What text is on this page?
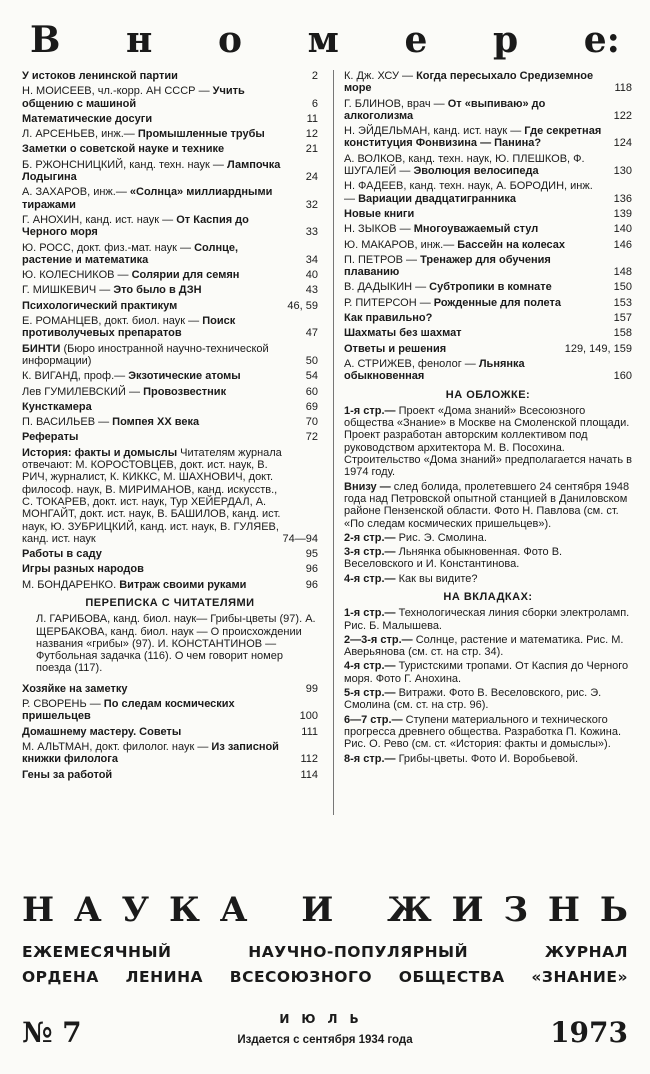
В н о м е р е:
У истоков ленинской партии	2
Н. МОИСЕЕВ, чл.-корр. АН СССР — Учить общению с машиной	6
Математические досуги	11
Л. АРСЕНЬЕВ, инж.— Промышленные трубы	12
Заметки о советской науке и технике	21
Б. РЖОНСНИЦКИЙ, канд. техн. наук — Лампочка Лодыгина	24
А. ЗАХАРОВ, инж.— «Солнца» миллиардными тиражами	32
Г. АНОХИН, канд. ист. наук — От Каспия до Черного моря	33
Ю. РОСС, докт. физ.-мат. наук — Солнце, растение и математика	34
Ю. КОЛЕСНИКОВ — Солярии для семян	40
Г. МИШКЕВИЧ — Это было в ДЗН	43
Психологический практикум	46, 59
Е. РОМАНЦЕВ, докт. биол. наук — Поиск противолучевых препаратов	47
БИНТИ (Бюро иностранной научно-технической информации)	50
К. ВИГАНД, проф.— Экзотические атомы	54
Лев ГУМИЛЕВСКИЙ — Провозвестник	60
Кунсткамера	69
П. ВАСИЛЬЕВ — Помпея XX века	70
Рефераты	72
История: факты и домыслы Читателям журнала отвечают: М. КОРОСТОВЦЕВ, докт. ист. наук, В. РИЧ, журналист, К. КИККС, М. ШАХНОВИЧ, докт. философ. наук, В. МИРИМАНОВ, канд. искусств., С. ТОКАРЕВ, докт. ист. наук, Тур ХЕЙЕРДАЛ, А. МОНГАЙТ, докт. ист. наук, В. БАШИЛОВ, канд. ист. наук, Ю. ЗУБРИЦКИЙ, канд. ист. наук, В. ГУЛЯЕВ, канд. ист. наук	74—94
Работы в саду	95
Игры разных народов	96
М. БОНДАРЕНКО. Витраж своими руками	96
ПЕРЕПИСКА С ЧИТАТЕЛЯМИ
Л. ГАРИБОВА, канд. биол. наук— Грибы-цветы (97). А. ЩЕРБАКОВА, канд. биол. наук — О происхождении названия «грибы» (97). И. КОНСТАНТИНОВ — Футбольная задачка (116). О чем говорит номер поезда (117).
Хозяйке на заметку	99
Р. СВОРЕНЬ — По следам космических пришельцев	100
Домашнему мастеру. Советы	111
М. АЛЬТМАН, докт. филолог. наук — Из записной книжки филолога	112
Гены за работой	114
К. Дж. ХСУ — Когда пересыхало Средиземное море	118
Г. БЛИНОВ, врач — От «выпиваю» до алкоголизма	122
Н. ЭЙДЕЛЬМАН, канд. ист. наук — Где секретная конституция Фонвизина — Панина?	124
А. ВОЛКОВ, канд. техн. наук, Ю. ПЛЕШКОВ, Ф. ШУГАЛЕЙ — Эволюция велосипеда	130
Н. ФАДЕЕВ, канд. техн. наук, А. БОРОДИН, инж.— Вариации двадцатигранника	136
Новые книги	139
Н. ЗЫКОВ — Многоуважаемый стул	140
Ю. МАКАРОВ, инж.— Бассейн на колесах	146
П. ПЕТРОВ — Тренажер для обучения плаванию	148
В. ДАДЫКИН — Субтропики в комнате	150
Р. ПИТЕРСОН — Рожденные для полета	153
Как правильно?	157
Шахматы без шахмат	158
Ответы и решения	129, 149, 159
А. СТРИЖЕВ, фенолог — Льнянка обыкновенная	160
НА ОБЛОЖКЕ:
1-я стр.— Проект «Дома знаний» Всесоюзного общества «Знание» в Москве на Смоленской площади. Проект разработан авторским коллективом под руководством архитектора М. В. Посохина. Строительство «Дома знаний» предполагается начать в 1974 году.
Внизу — след болида, пролетевшего 24 сентября 1948 года над Петровской опытной станцией в Даниловском районе Пензенской области. Фото Н. Павлова (см. ст. «По следам космических пришельцев»).
2-я стр.— Рис. Э. Смолина.
3-я стр.— Льнянка обыкновенная. Фото В. Веселовского и И. Константинова.
4-я стр.— Как вы видите?
НА ВКЛАДКАХ:
1-я стр.— Технологическая линия сборки электроламп. Рис. Б. Малышева.
2—3-я стр.— Солнце, растение и математика. Рис. М. Аверьянова (см. ст. на стр. 34).
4-я стр.— Туристскими тропами. От Каспия до Черного моря. Фото Г. Анохина.
5-я стр.— Витражи. Фото В. Веселовского, рис. Э. Смолина (см. ст. на стр. 96).
6—7 стр.— Ступени материального и технического прогресса древнего общества. Разработка П. Кожина. Рис. О. Рево (см. ст. «История: факты и домыслы»).
8-я стр.— Грибы-цветы. Фото И. Воробьевой.
Н А У К А И Ж И З Н Ь
ЕЖЕМЕСЯЧНЫЙ	НАУЧНО-ПОПУЛЯРНЫЙ	ЖУРНАЛ
ОРДЕНА ЛЕНИНА ВСЕСОЮЗНОГО ОБЩЕСТВА «ЗНАНИЕ»
№ 7	ИЮЛЬ
Издается с сентября 1934 года	1973
